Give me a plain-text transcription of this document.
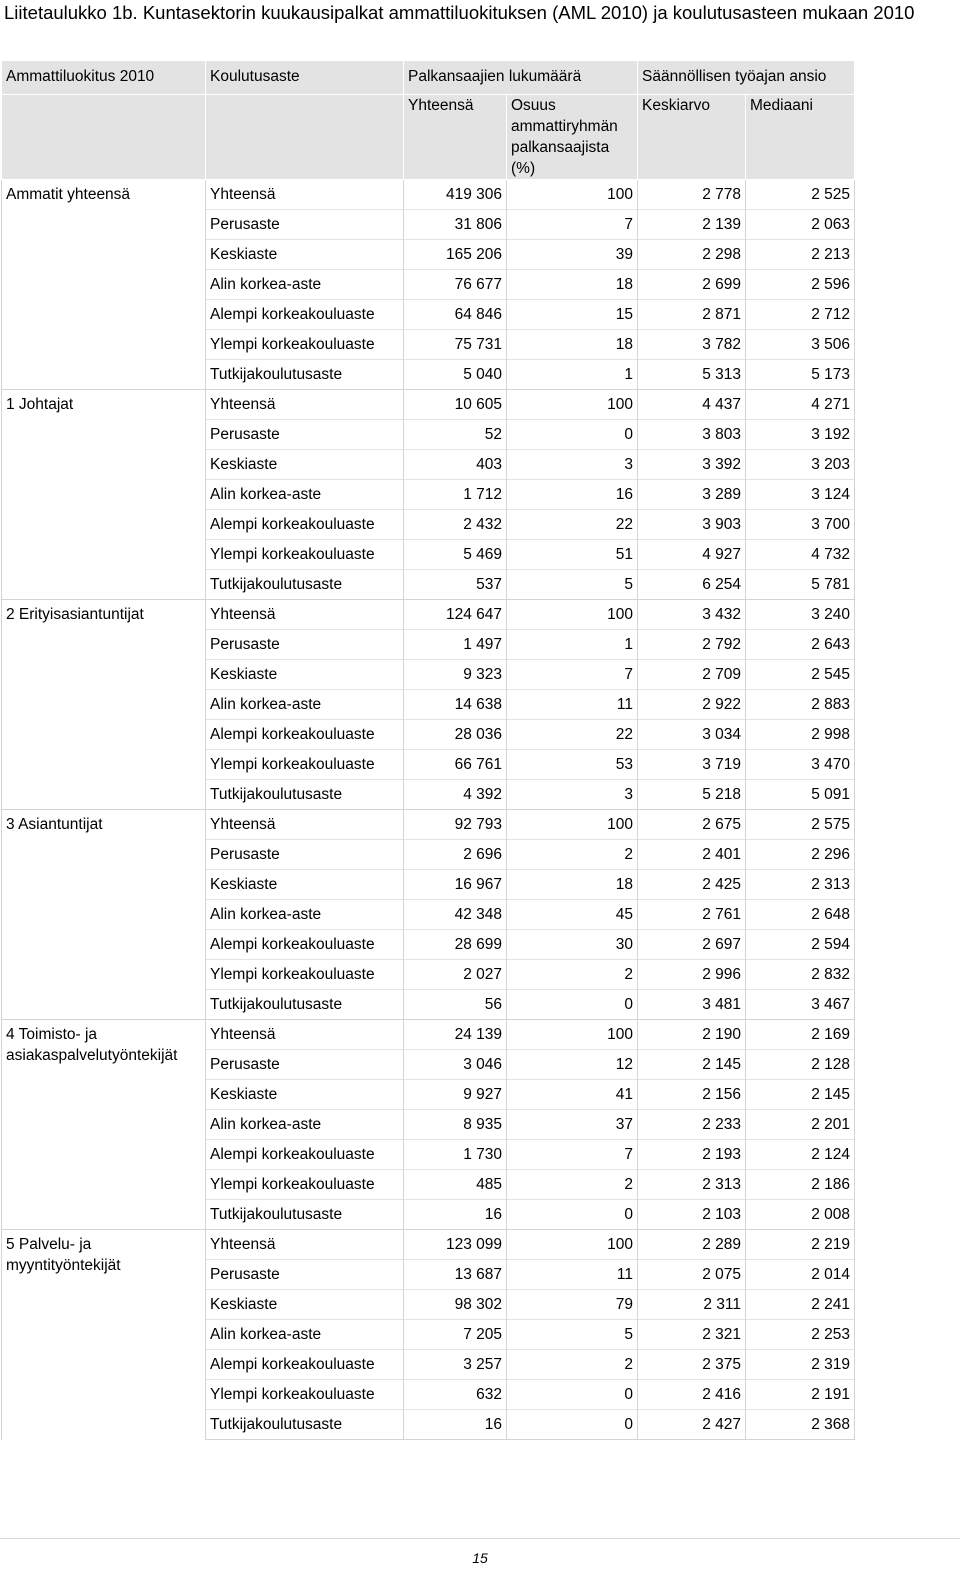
Liitetaulukko 1b. Kuntasektorin kuukausipalkat ammattiluokituksen (AML 2010) ja koulutusasteen mukaan 2010
Ammattiluokitus 2010	Koulutusaste	Palkansaajien lukumäärä		Säännöllisen työajan ansio	
		Yhteensä	Osuus ammattiryhmän palkansaajista (%)	Keskiarvo	Mediaani
Ammatit yhteensä	Yhteensä	419 306	100	2 778	2 525
	Perusaste	31 806	7	2 139	2 063
	Keskiaste	165 206	39	2 298	2 213
	Alin korkea-aste	76 677	18	2 699	2 596
	Alempi korkeakouluaste	64 846	15	2 871	2 712
	Ylempi korkeakouluaste	75 731	18	3 782	3 506
	Tutkijakoulutusaste	5 040	1	5 313	5 173
1 Johtajat	Yhteensä	10 605	100	4 437	4 271
	Perusaste	52	0	3 803	3 192
	Keskiaste	403	3	3 392	3 203
	Alin korkea-aste	1 712	16	3 289	3 124
	Alempi korkeakouluaste	2 432	22	3 903	3 700
	Ylempi korkeakouluaste	5 469	51	4 927	4 732
	Tutkijakoulutusaste	537	5	6 254	5 781
2 Erityisasiantuntijat	Yhteensä	124 647	100	3 432	3 240
	Perusaste	1 497	1	2 792	2 643
	Keskiaste	9 323	7	2 709	2 545
	Alin korkea-aste	14 638	11	2 922	2 883
	Alempi korkeakouluaste	28 036	22	3 034	2 998
	Ylempi korkeakouluaste	66 761	53	3 719	3 470
	Tutkijakoulutusaste	4 392	3	5 218	5 091
3 Asiantuntijat	Yhteensä	92 793	100	2 675	2 575
	Perusaste	2 696	2	2 401	2 296
	Keskiaste	16 967	18	2 425	2 313
	Alin korkea-aste	42 348	45	2 761	2 648
	Alempi korkeakouluaste	28 699	30	2 697	2 594
	Ylempi korkeakouluaste	2 027	2	2 996	2 832
	Tutkijakoulutusaste	56	0	3 481	3 467
4 Toimisto- ja asiakaspalvelutyöntekijät	Yhteensä	24 139	100	2 190	2 169
	Perusaste	3 046	12	2 145	2 128
	Keskiaste	9 927	41	2 156	2 145
	Alin korkea-aste	8 935	37	2 233	2 201
	Alempi korkeakouluaste	1 730	7	2 193	2 124
	Ylempi korkeakouluaste	485	2	2 313	2 186
	Tutkijakoulutusaste	16	0	2 103	2 008
5 Palvelu- ja myyntityöntekijät	Yhteensä	123 099	100	2 289	2 219
	Perusaste	13 687	11	2 075	2 014
	Keskiaste	98 302	79	2 311	2 241
	Alin korkea-aste	7 205	5	2 321	2 253
	Alempi korkeakouluaste	3 257	2	2 375	2 319
	Ylempi korkeakouluaste	632	0	2 416	2 191
	Tutkijakoulutusaste	16	0	2 427	2 368
15
